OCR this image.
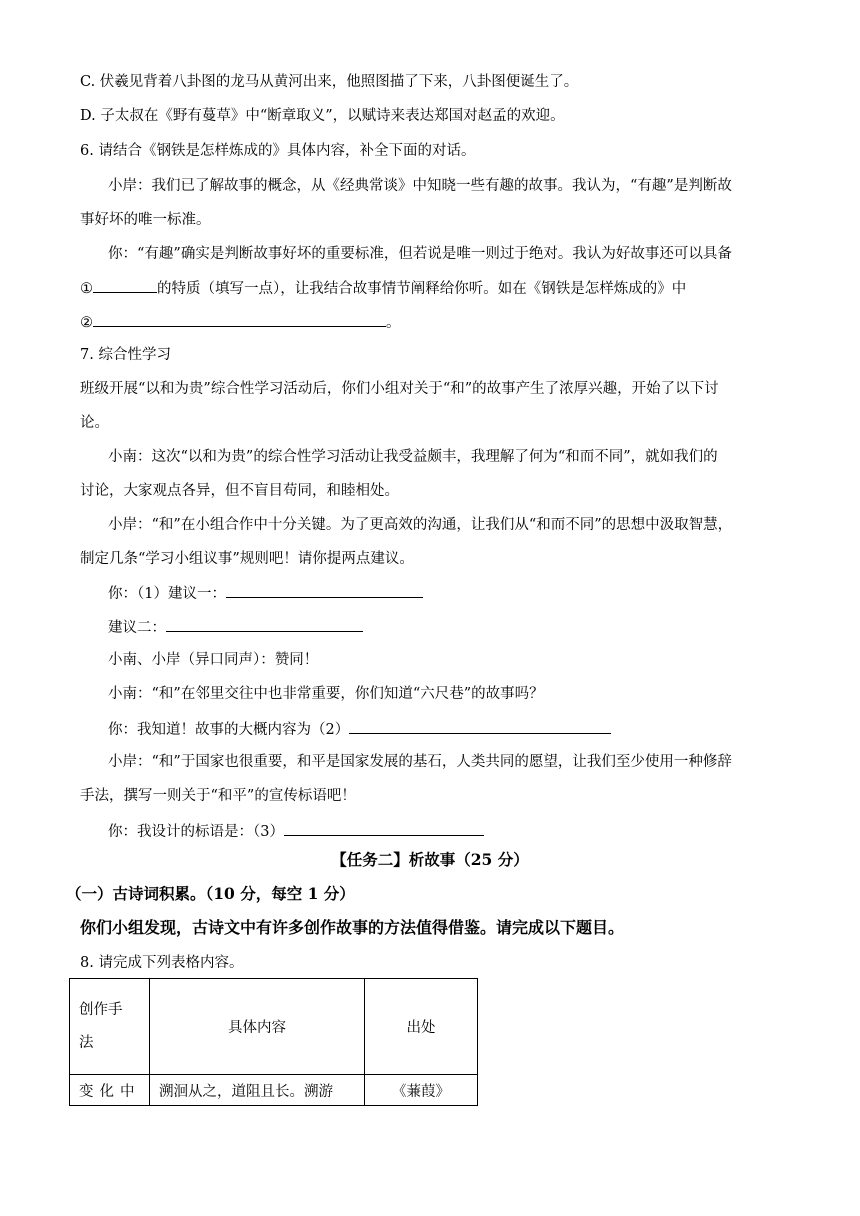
C. 伏羲见背着八卦图的龙马从黄河出来，他照图描了下来，八卦图便诞生了。
D. 子太叔在《野有蔓草》中“断章取义”，以赋诗来表达郑国对赵孟的欢迎。
6. 请结合《钢铁是怎样炼成的》具体内容，补全下面的对话。
小岸：我们已了解故事的概念，从《经典常谈》中知晓一些有趣的故事。我认为，“有趣”是判断故
事好坏的唯一标准。
你：“有趣”确实是判断故事好坏的重要标准，但若说是唯一则过于绝对。我认为好故事还可以具备
①	的特质（填写一点），让我结合故事情节阐释给你听。如在《钢铁是怎样炼成的》中
②	。
7. 综合性学习
班级开展“以和为贵”综合性学习活动后，你们小组对关于“和”的故事产生了浓厚兴趣，开始了以下讨
论。
小南：这次“以和为贵”的综合性学习活动让我受益颇丰，我理解了何为“和而不同”，就如我们的
讨论，大家观点各异，但不盲目苟同，和睦相处。
小岸：“和”在小组合作中十分关键。为了更高效的沟通，让我们从“和而不同”的思想中汲取智慧，
制定几条“学习小组议事”规则吧！请你提两点建议。
你：（1）建议一：
建议二：
小南、小岸（异口同声）：赞同！
小南：“和”在邻里交往中也非常重要，你们知道“六尺巷”的故事吗？
你：我知道！故事的大概内容为（2）
小岸：“和”于国家也很重要，和平是国家发展的基石，人类共同的愿望，让我们至少使用一种修辞
手法，撰写一则关于“和平”的宣传标语吧！
你：我设计的标语是：（3）
【任务二】析故事（25 分）
（一）古诗词积累。（10 分，每空 1 分）
你们小组发现，古诗文中有许多创作故事的方法值得借鉴。请完成以下题目。
8. 请完成下列表格内容。
创作手
法	具体内容	出处
变化中	溯洄从之，道阻且长。溯游	《蒹葭》
